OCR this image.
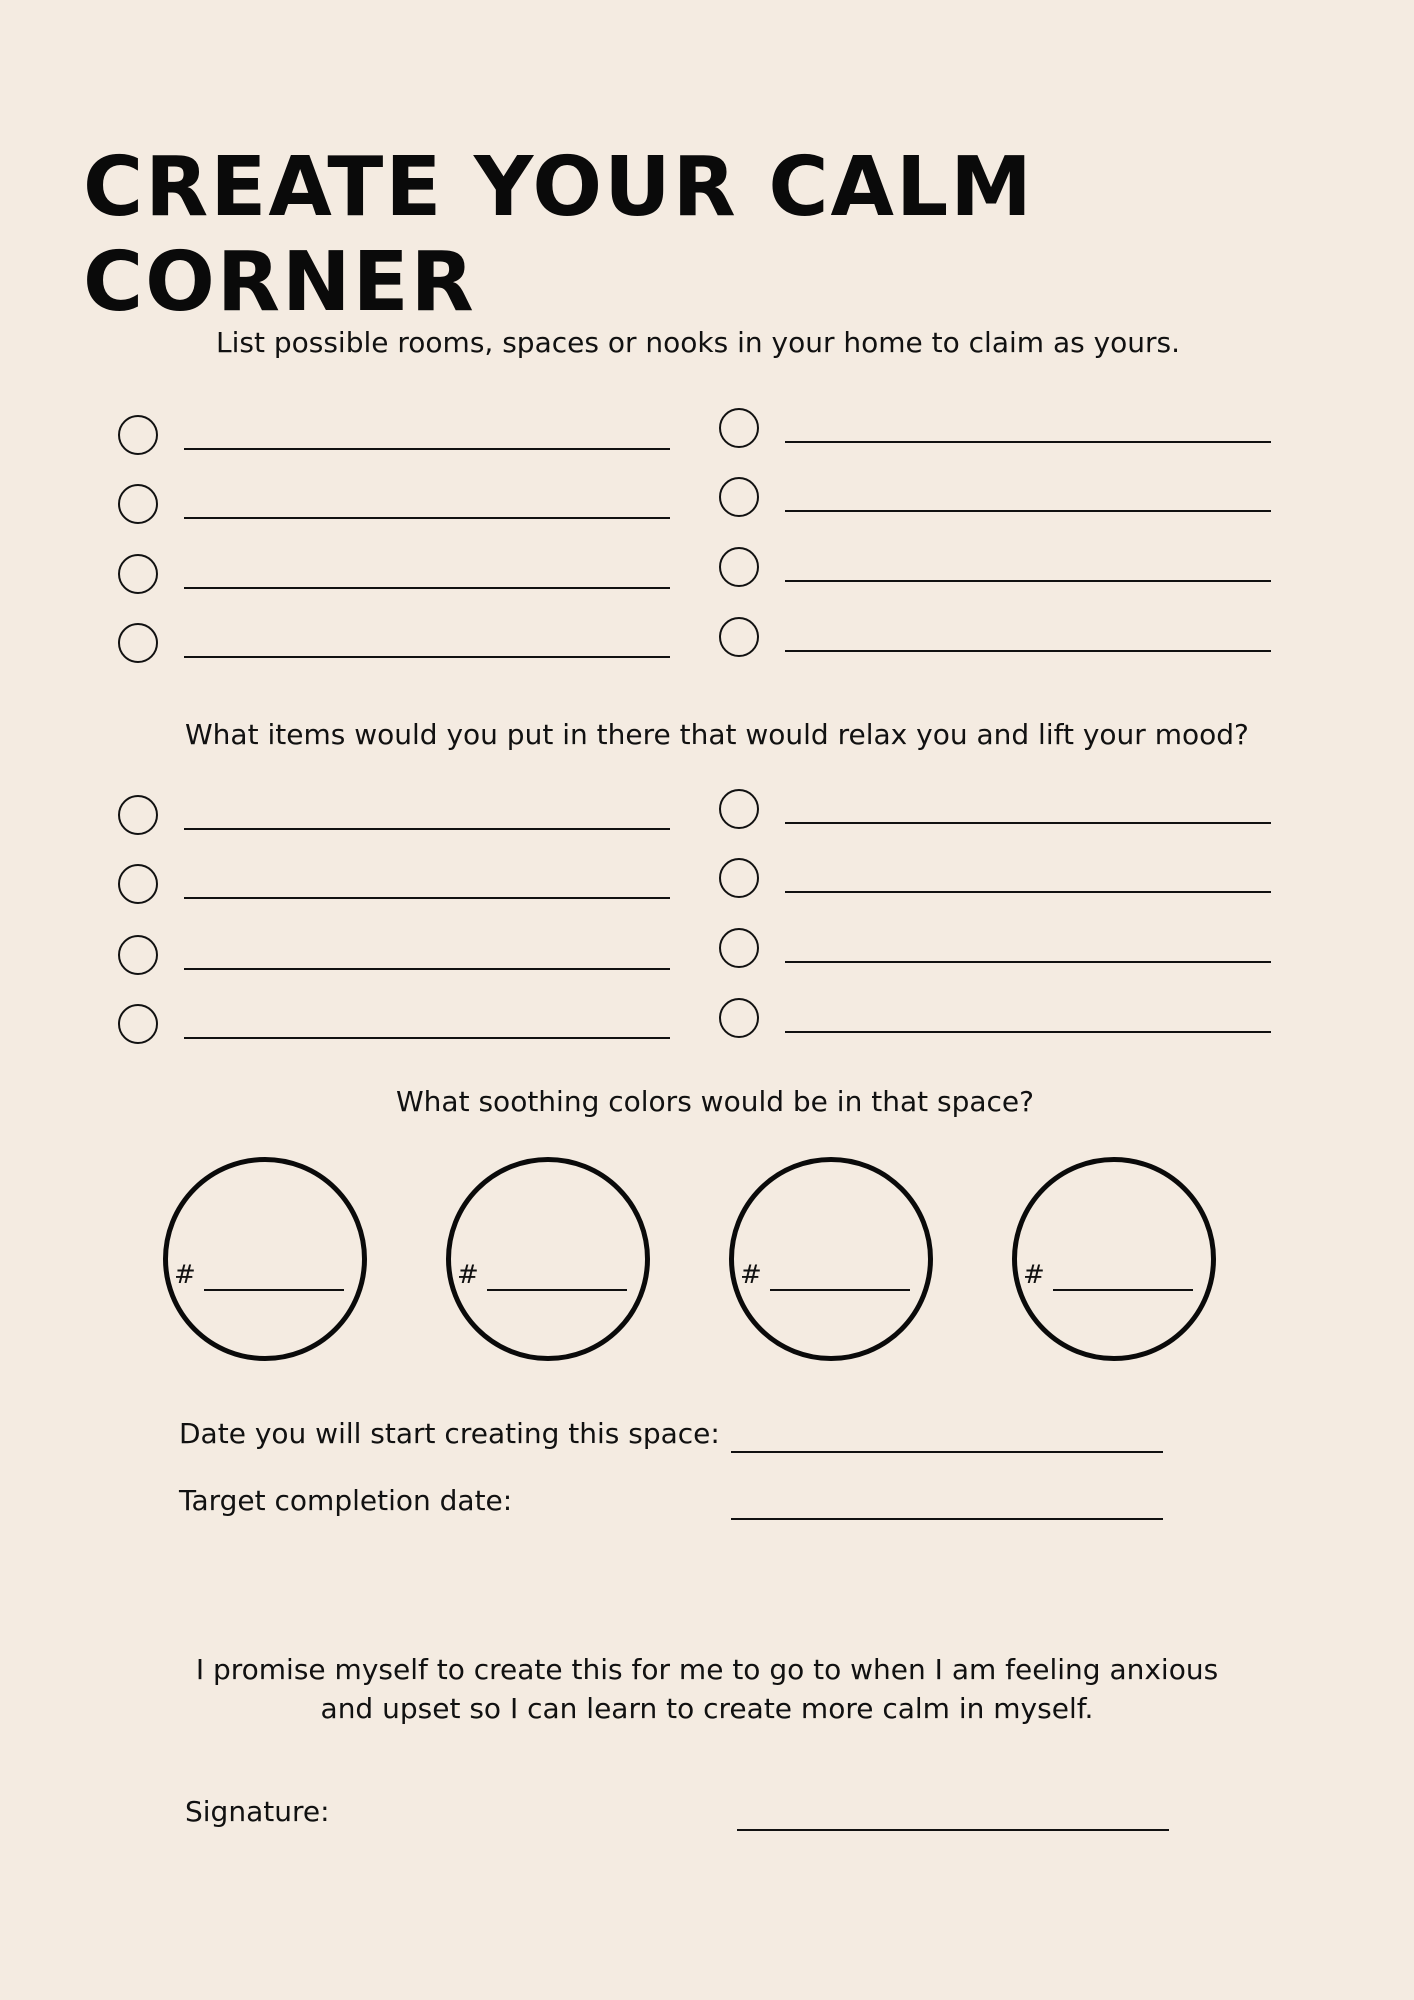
CREATE YOUR CALM CORNER
List possible rooms, spaces or nooks in your home to claim as yours.
What items would you put in there that would relax you and lift your mood?
What soothing colors would be in that space?
#	#	#	#
Date you will start creating this space:
Target completion date:
I promise myself to create this for me to go to when I am feeling anxious
and upset so I can learn to create more calm in myself.
Signature:
